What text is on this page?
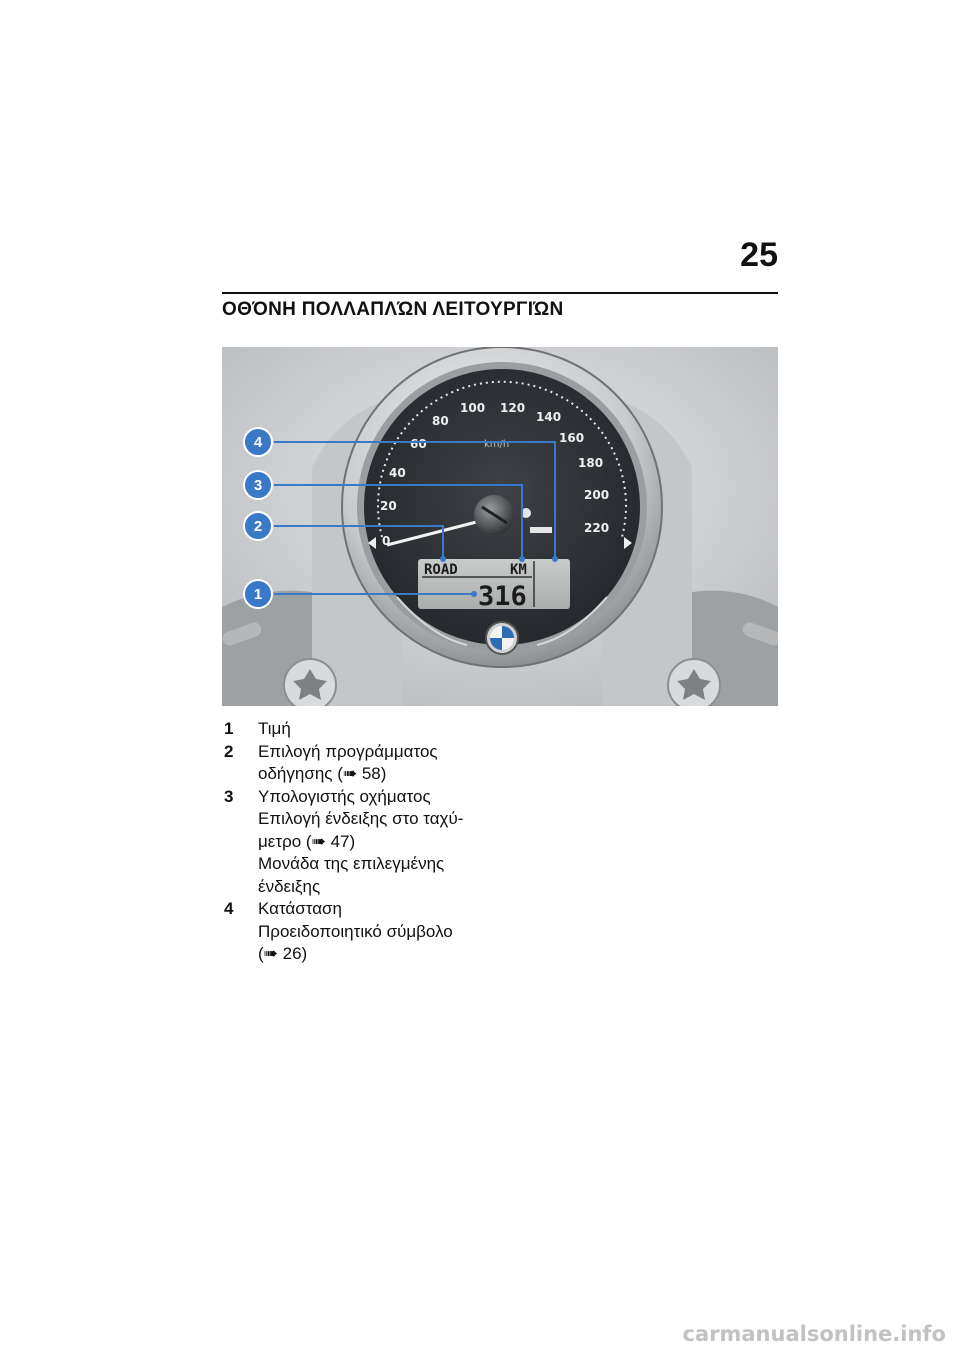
25
ΟΘΌΝΗ ΠΟΛΛΑΠΛΏΝ ΛΕΙΤΟΥΡΓΙΏΝ
0
20
40
60
80
100 120
140
160
180
200
220
km/h
ROAD	KM
316
4
3
2
1
1	Τιμή
2	Επιλογή προγράμματος
οδήγησης (➠ 58)
3	Υπολογιστής οχήματος
Επιλογή ένδειξης στο ταχύ-
μετρο (➠ 47)
Μονάδα της επιλεγμένης
ένδειξης
4	Κατάσταση
Προειδοποιητικό σύμβολο
(➠ 26)
carmanualsonline.info
